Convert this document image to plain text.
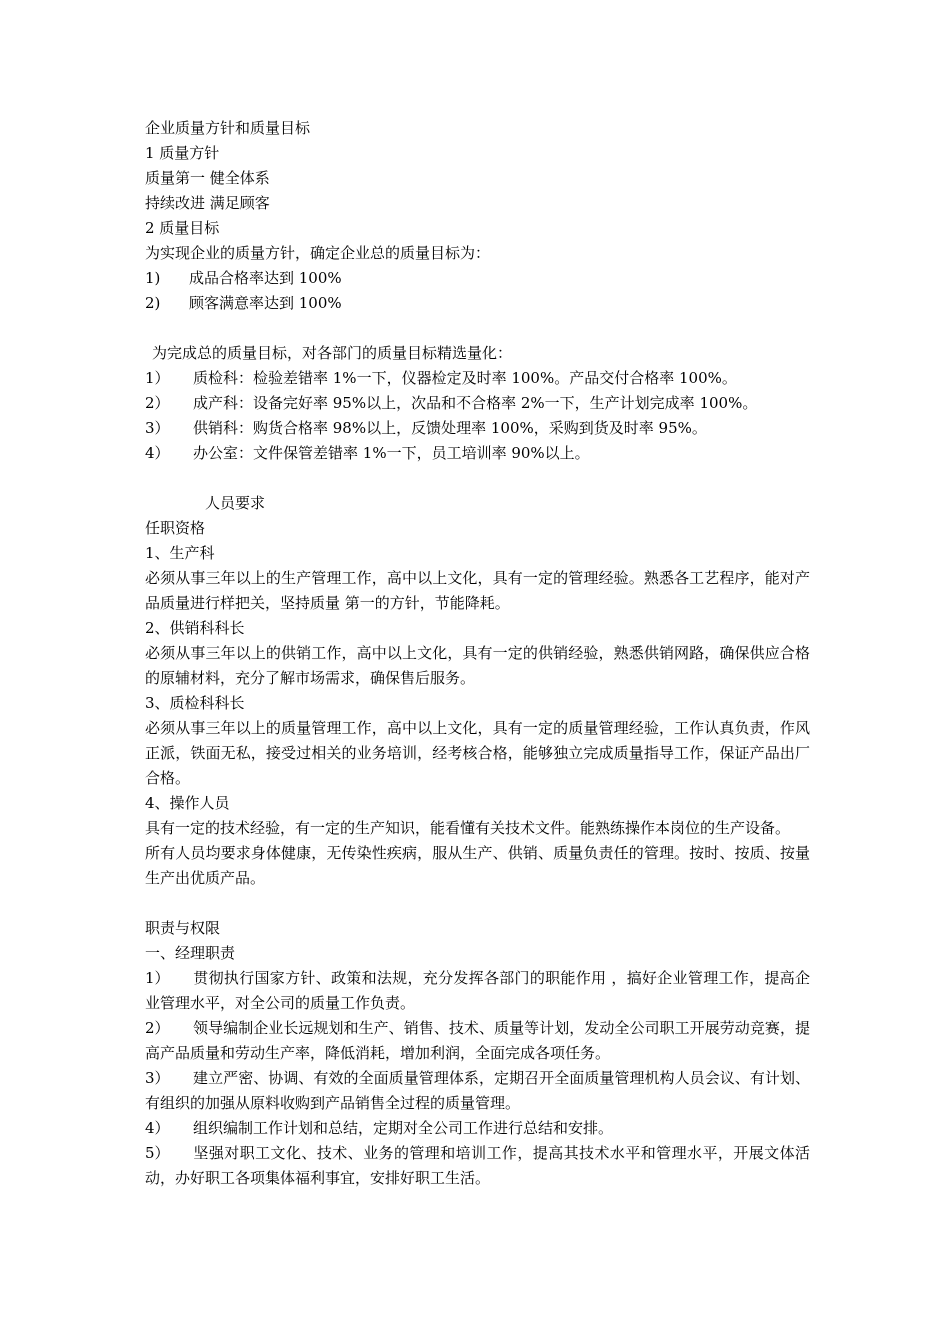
企业质量方针和质量目标
1 质量方针
质量第一 健全体系
持续改进 满足顾客
2 质量目标
为实现企业的质量方针，确定企业总的质量目标为：
1)	成品合格率达到 100%
2)	顾客满意率达到 100%
为完成总的质量目标，对各部门的质量目标精选量化：
1）	质检科：检验差错率 1%一下，仪器检定及时率 100%。产品交付合格率 100%。
2）	成产科：设备完好率 95%以上，次品和不合格率 2%一下，生产计划完成率 100%。
3）	供销科：购货合格率 98%以上，反馈处理率 100%，采购到货及时率 95%。
4）	办公室：文件保管差错率 1%一下，员工培训率 90%以上。
人员要求
任职资格
1、生产科
必须从事三年以上的生产管理工作，高中以上文化，具有一定的管理经验。熟悉各工艺程序，能对产品质量进行样把关，坚持质量 第一的方针，节能降耗。
2、供销科科长
必须从事三年以上的供销工作，高中以上文化，具有一定的供销经验，熟悉供销网路，确保供应合格的原辅材料，充分了解市场需求，确保售后服务。
3、质检科科长
必须从事三年以上的质量管理工作，高中以上文化，具有一定的质量管理经验，工作认真负责，作风正派，铁面无私，接受过相关的业务培训，经考核合格，能够独立完成质量指导工作，保证产品出厂合格。
4、操作人员
具有一定的技术经验，有一定的生产知识，能看懂有关技术文件。能熟练操作本岗位的生产设备。
所有人员均要求身体健康，无传染性疾病，服从生产、供销、质量负责任的管理。按时、按质、按量生产出优质产品。
职责与权限
一、经理职责
1） 贯彻执行国家方针、政策和法规，充分发挥各部门的职能作用 ，搞好企业管理工作，提高企业管理水平，对全公司的质量工作负责。
2） 领导编制企业长远规划和生产、销售、技术、质量等计划，发动全公司职工开展劳动竞赛，提高产品质量和劳动生产率，降低消耗，增加利润，全面完成各项任务。
3） 建立严密、协调、有效的全面质量管理体系，定期召开全面质量管理机构人员会议、有计划、有组织的加强从原料收购到产品销售全过程的质量管理。
4） 组织编制工作计划和总结，定期对全公司工作进行总结和安排。
5） 坚强对职工文化、技术、业务的管理和培训工作，提高其技术水平和管理水平，开展文体活动，办好职工各项集体福利事宜，安排好职工生活。
